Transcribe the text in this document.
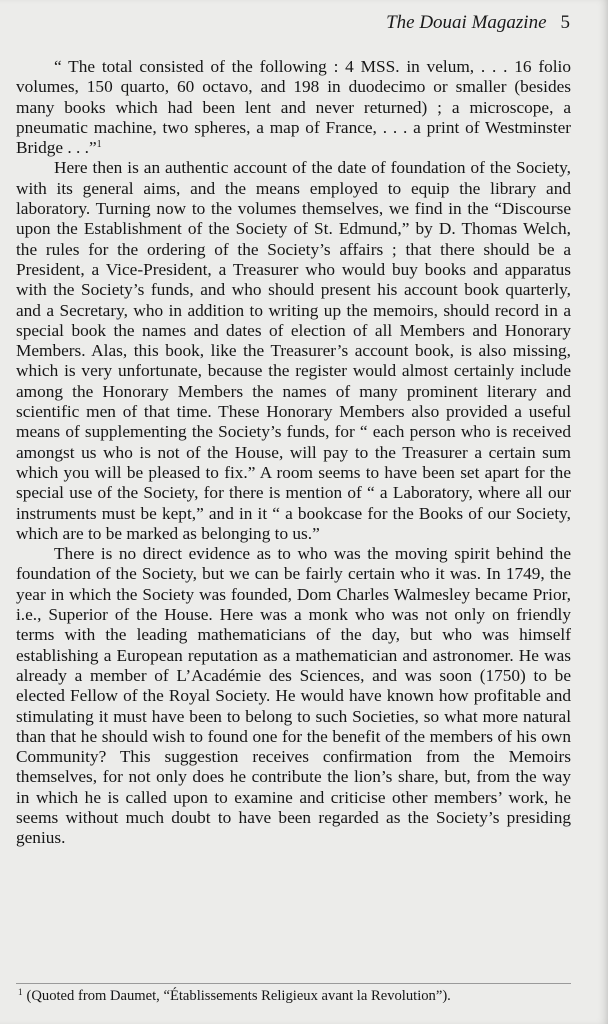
The Douai Magazine 5

“ The total consisted of the following : 4 MSS. in velum, . . . 16 folio volumes, 150 quarto, 60 octavo, and 198 in duodecimo or smaller (besides many books which had been lent and never returned) ; a microscope, a pneumatic machine, two spheres, a map of France, . . . a print of Westminster Bridge . . .”$^1$

Here then is an authentic account of the date of foundation of the Society, with its general aims, and the means employed to equip the library and laboratory. Turning now to the volumes themselves, we find in the “Discourse upon the Establishment of the Society of St. Edmund,” by D. Thomas Welch, the rules for the ordering of the Society’s affairs ; that there should be a President, a Vice-President, a Treasurer who would buy books and apparatus with the Society’s funds, and who should present his account book quarterly, and a Secretary, who in addition to writing up the memoirs, should record in a special book the names and dates of election of all Members and Honorary Members. Alas, this book, like the Treasurer’s account book, is also missing, which is very unfortunate, because the register would almost certainly include among the Honorary Members the names of many prominent literary and scientific men of that time. These Honorary Members also provided a useful means of supplementing the Society’s funds, for “ each person who is received amongst us who is not of the House, will pay to the Treasurer a certain sum which you will be pleased to fix.” A room seems to have been set apart for the special use of the Society, for there is mention of “ a Laboratory, where all our instruments must be kept,” and in it “ a bookcase for the Books of our Society, which are to be marked as belonging to us.”

There is no direct evidence as to who was the moving spirit behind the foundation of the Society, but we can be fairly certain who it was. In 1749, the year in which the Society was founded, Dom Charles Walmesley became Prior, i.e., Superior of the House. Here was a monk who was not only on friendly terms with the leading mathematicians of the day, but who was himself establishing a European reputation as a mathematician and astronomer. He was already a member of L’Académie des Sciences, and was soon (1750) to be elected Fellow of the Royal Society. He would have known how profitable and stimulating it must have been to belong to such Societies, so what more natural than that he should wish to found one for the benefit of the members of his own Community? This suggestion receives confirmation from the Memoirs themselves, for not only does he contribute the lion’s share, but, from the way in which he is called upon to examine and criticise other members’ work, he seems without much doubt to have been regarded as the Society’s presiding genius.

$^1$ (Quoted from Daumet, “Établissements Religieux avant la Revolution”).
